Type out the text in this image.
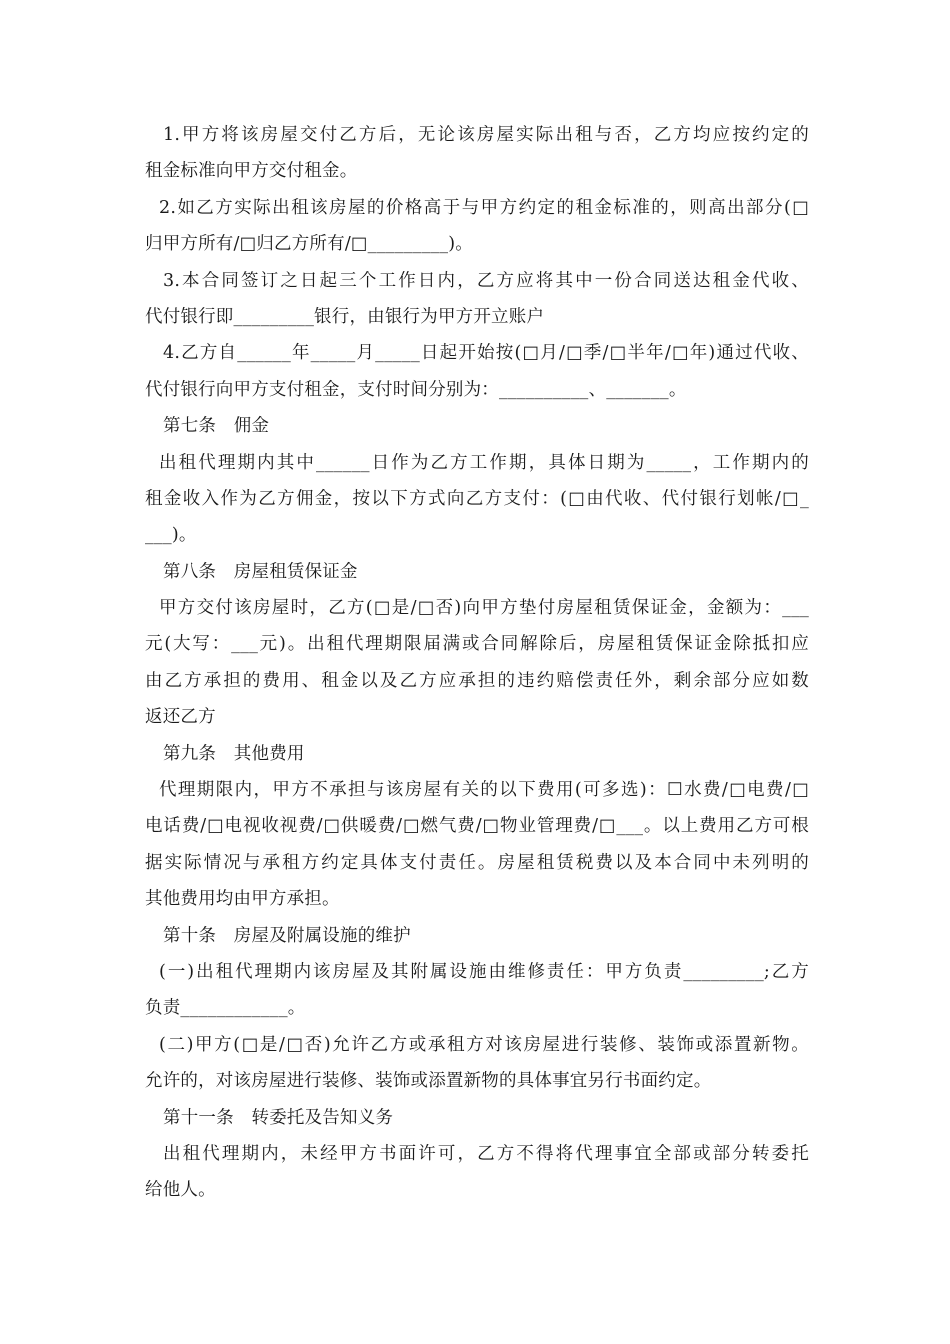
1.甲方将该房屋交付乙方后，无论该房屋实际出租与否，乙方均应按约定的
租金标准向甲方交付租金。
2.如乙方实际出租该房屋的价格高于与甲方约定的租金标准的，则高出部分(□
归甲方所有/□归乙方所有/□_________)。
3.本合同签订之日起三个工作日内，乙方应将其中一份合同送达租金代收、
代付银行即_________银行，由银行为甲方开立账户
4.乙方自______年_____月_____日起开始按(□月/□季/□半年/□年)通过代收、
代付银行向甲方支付租金，支付时间分别为：__________、_______。
第七条　佣金
出租代理期内其中______日作为乙方工作期，具体日期为_____，工作期内的
租金收入作为乙方佣金，按以下方式向乙方支付：(□由代收、代付银行划帐/□_
___)。
第八条　房屋租赁保证金
甲方交付该房屋时，乙方(□是/□否)向甲方垫付房屋租赁保证金，金额为：___
元(大写：___元)。出租代理期限届满或合同解除后，房屋租赁保证金除抵扣应
由乙方承担的费用、租金以及乙方应承担的违约赔偿责任外，剩余部分应如数
返还乙方
第九条　其他费用
代理期限内，甲方不承担与该房屋有关的以下费用(可多选)：☐水费/□电费/□
电话费/□电视收视费/□供暖费/□燃气费/□物业管理费/□___。以上费用乙方可根
据实际情况与承租方约定具体支付责任。房屋租赁税费以及本合同中未列明的
其他费用均由甲方承担。
第十条　房屋及附属设施的维护
(一)出租代理期内该房屋及其附属设施由维修责任：甲方负责_________;乙方
负责____________。
(二)甲方(□是/□否)允许乙方或承租方对该房屋进行装修、装饰或添置新物。
允许的，对该房屋进行装修、装饰或添置新物的具体事宜另行书面约定。
第十一条　转委托及告知义务
出租代理期内，未经甲方书面许可，乙方不得将代理事宜全部或部分转委托
给他人。
